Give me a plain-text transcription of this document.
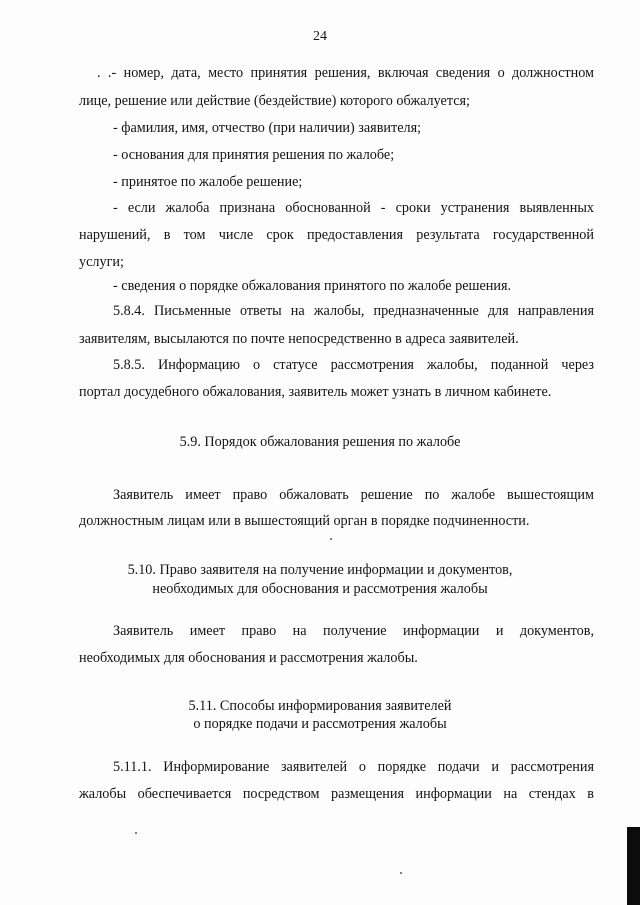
24
. .- номер, дата, место принятия решения, включая сведения о должностном
лице, решение или действие (бездействие) которого обжалуется;
- фамилия, имя, отчество (при наличии) заявителя;
- основания для принятия решения по жалобе;
- принятое по жалобе решение;
- если жалоба признана обоснованной - сроки устранения выявленных
нарушений, в том числе срок предоставления результата государственной
услуги;
- сведения о порядке обжалования принятого по жалобе решения.
5.8.4. Письменные ответы на жалобы, предназначенные для направления
заявителям, высылаются по почте непосредственно в адреса заявителей.
5.8.5. Информацию о статусе рассмотрения жалобы, поданной через
портал досудебного обжалования, заявитель может узнать в личном кабинете.
5.9. Порядок обжалования решения по жалобе
Заявитель имеет право обжаловать решение по жалобе вышестоящим
должностным лицам или в вышестоящий орган в порядке подчиненности.
5.10. Право заявителя на получение информации и документов,
необходимых для обоснования и рассмотрения жалобы
Заявитель имеет право на получение информации и документов,
необходимых для обоснования и рассмотрения жалобы.
5.11. Способы информирования заявителей
о порядке подачи и рассмотрения жалобы
5.11.1. Информирование заявителей о порядке подачи и рассмотрения
жалобы обеспечивается посредством размещения информации на стендах в
